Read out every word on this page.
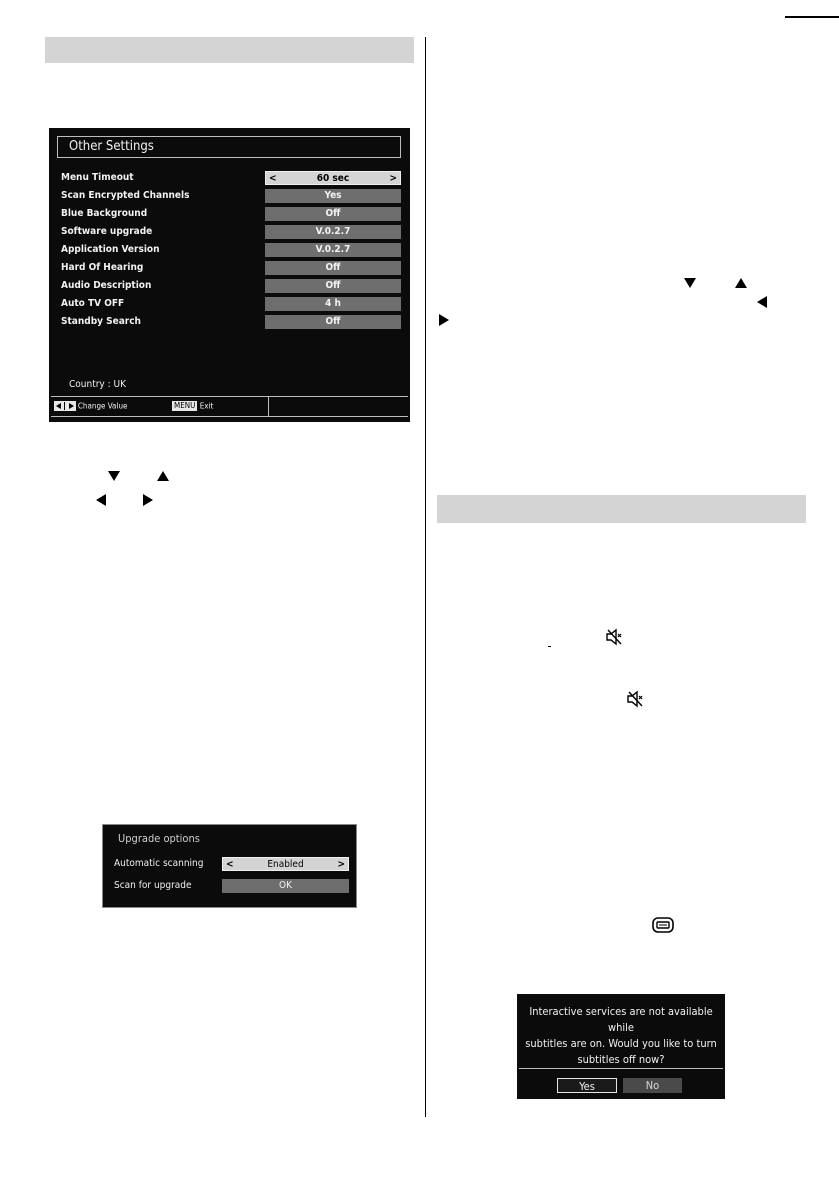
Other Settings
Menu Timeout	<	60 sec	>
Scan Encrypted Channels	Yes
Blue Background	Off
Software upgrade	V.0.2.7
Application Version	V.0.2.7
Hard Of Hearing	Off
Audio Description	Off
Auto TV OFF	4 h
Standby Search	Off
Country : UK
Change Value	MENU Exit
Upgrade options
Automatic scanning <	Enabled	>
Scan for upgrade	OK
Interactive services are not available while
subtitles are on. Would you like to turn
subtitles off now?
Yes	No
